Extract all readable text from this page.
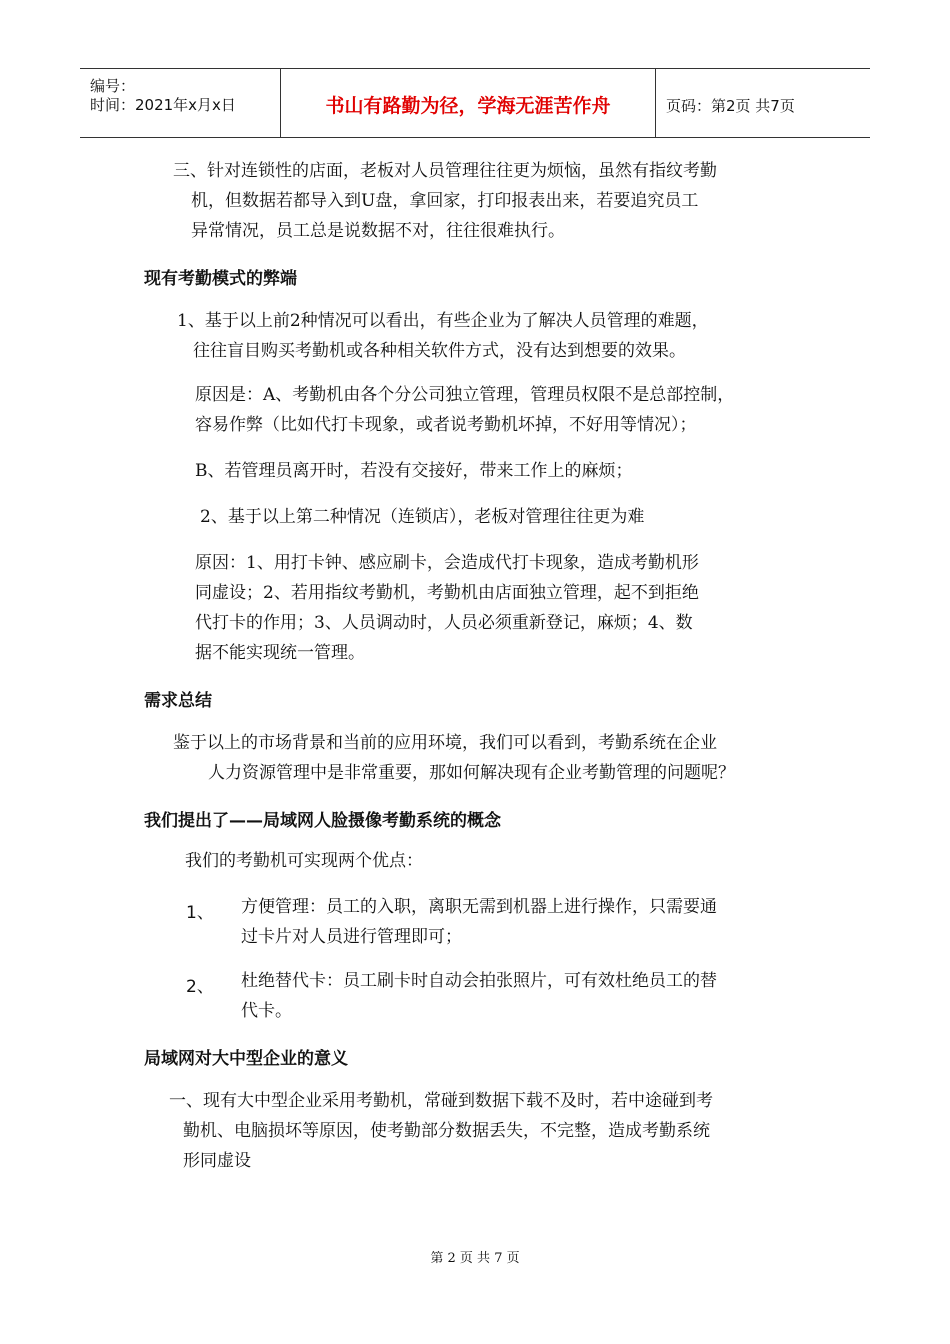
编号：
时间：2021年x月x日	书山有路勤为径，学海无涯苦作舟	页码：第2页 共7页
三、针对连锁性的店面，老板对人员管理往往更为烦恼，虽然有指纹考勤
机，但数据若都导入到U盘，拿回家，打印报表出来，若要追究员工
异常情况，员工总是说数据不对，往往很难执行。
现有考勤模式的弊端
1、基于以上前2种情况可以看出，有些企业为了解决人员管理的难题，
往往盲目购买考勤机或各种相关软件方式，没有达到想要的效果。
原因是：A、考勤机由各个分公司独立管理，管理员权限不是总部控制，
容易作弊（比如代打卡现象，或者说考勤机坏掉，不好用等情况）；
B、若管理员离开时，若没有交接好，带来工作上的麻烦；
2、基于以上第二种情况（连锁店），老板对管理往往更为难
原因：1、用打卡钟、感应刷卡，会造成代打卡现象，造成考勤机形
同虚设；2、若用指纹考勤机，考勤机由店面独立管理，起不到拒绝
代打卡的作用；3、人员调动时，人员必须重新登记，麻烦；4、数
据不能实现统一管理。
需求总结
鉴于以上的市场背景和当前的应用环境，我们可以看到，考勤系统在企业
人力资源管理中是非常重要，那如何解决现有企业考勤管理的问题呢？
我们提出了——局域网人脸摄像考勤系统的概念
我们的考勤机可实现两个优点：
1、 方便管理：员工的入职，离职无需到机器上进行操作，只需要通
过卡片对人员进行管理即可；
2、 杜绝替代卡：员工刷卡时自动会拍张照片，可有效杜绝员工的替
代卡。
局域网对大中型企业的意义
一、现有大中型企业采用考勤机，常碰到数据下载不及时，若中途碰到考
勤机、电脑损坏等原因，使考勤部分数据丢失，不完整，造成考勤系统
形同虚设
第 2 页 共 7 页
